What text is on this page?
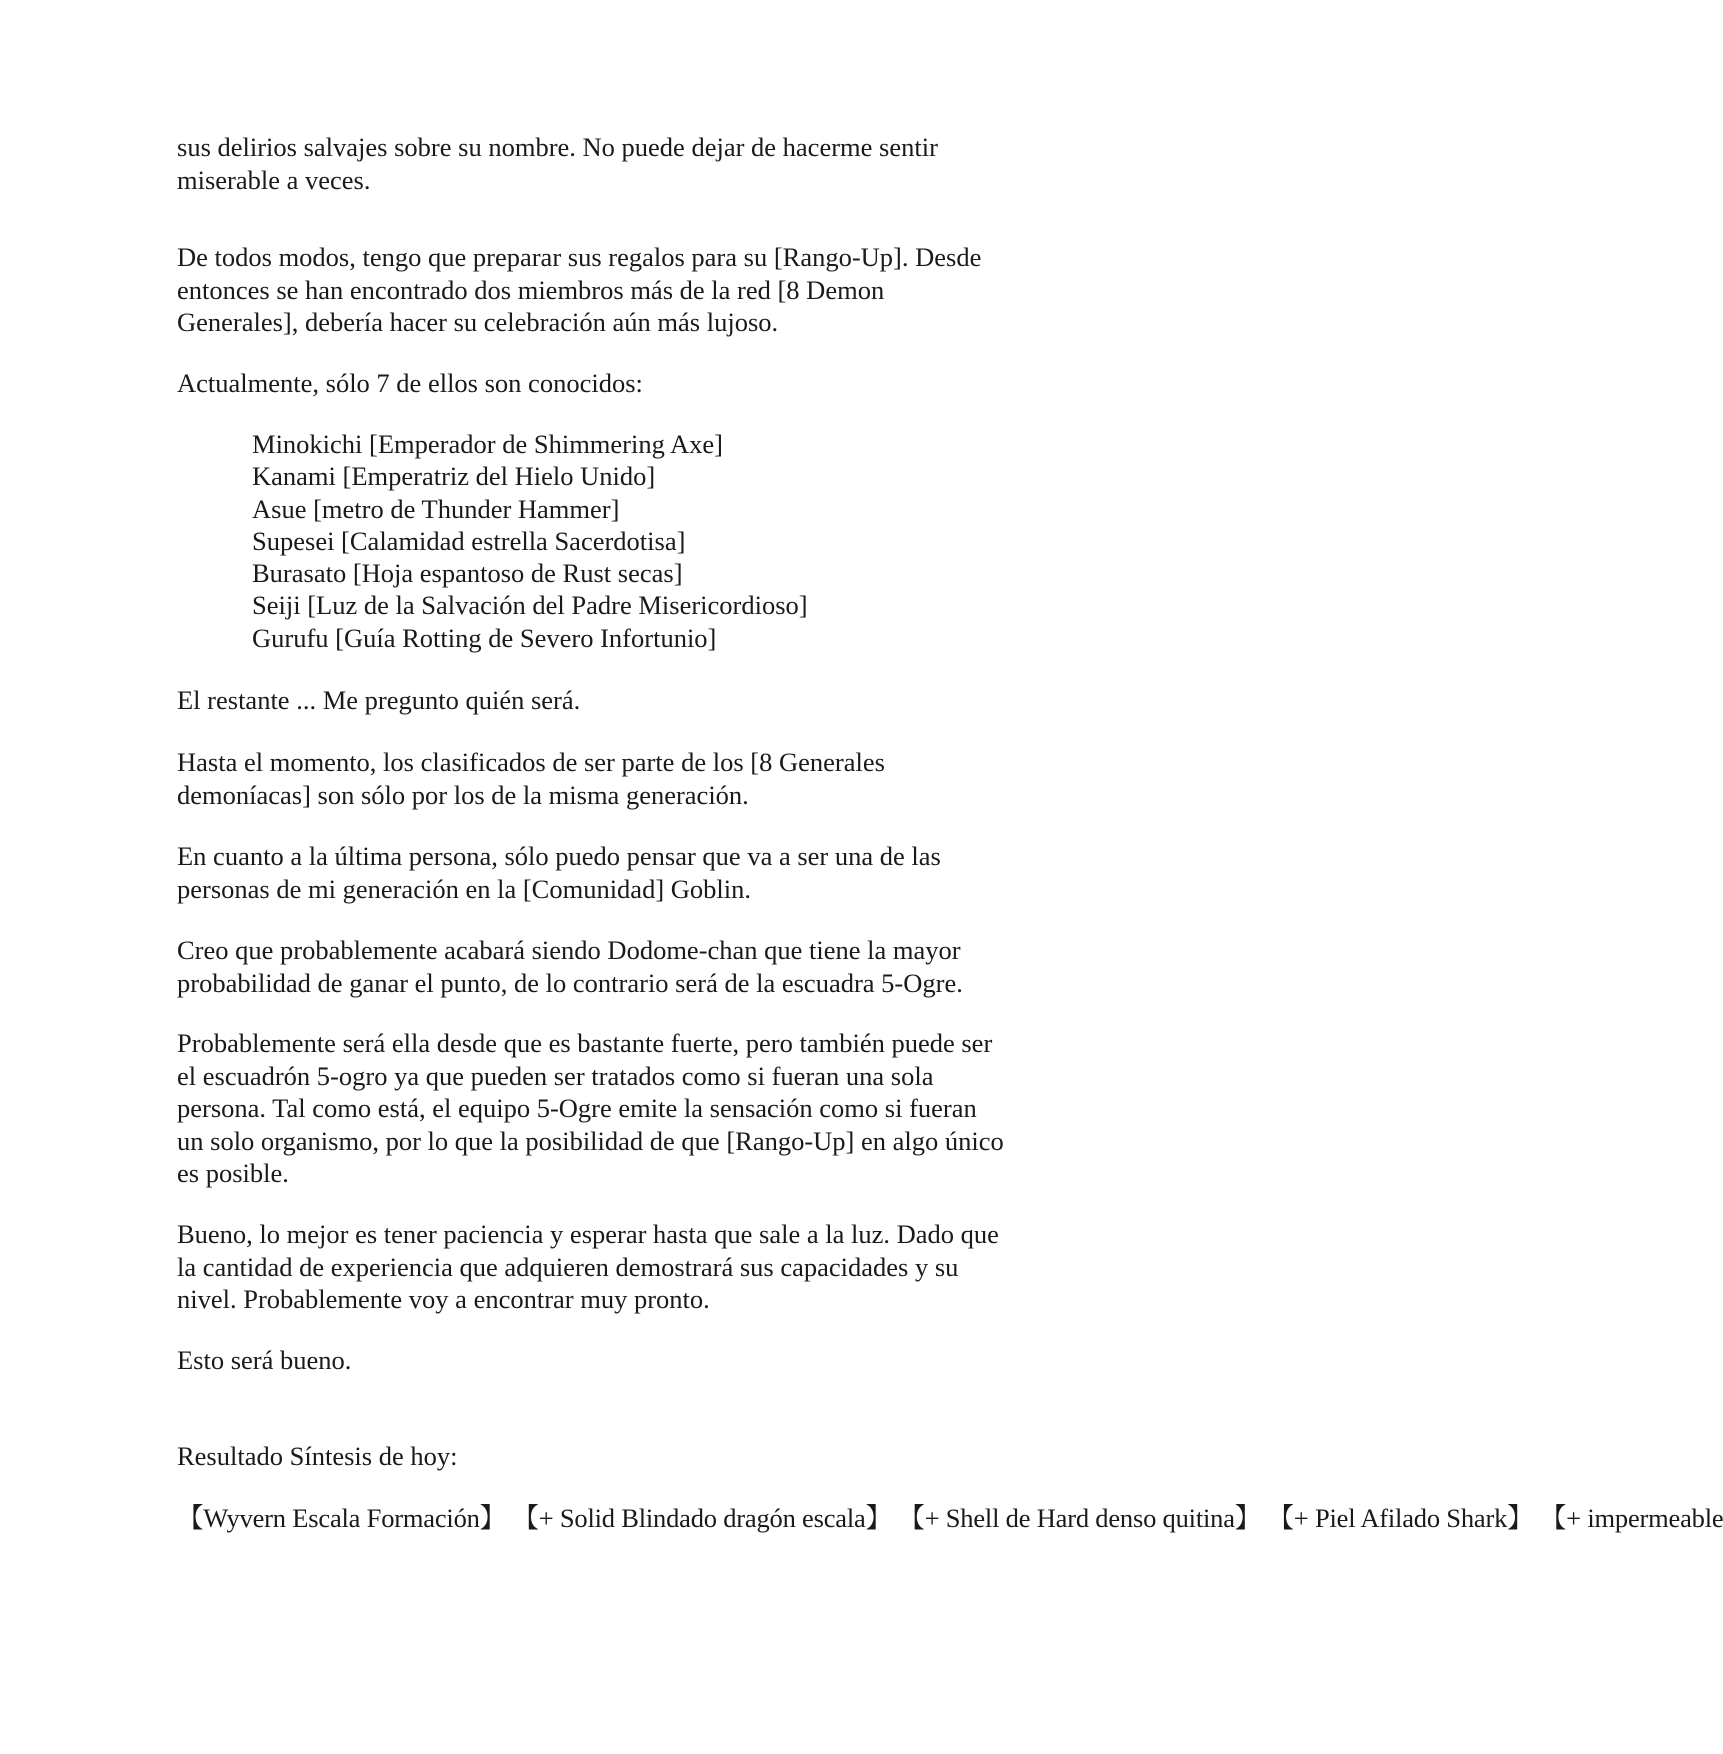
sus delirios salvajes sobre su nombre. No puede dejar de hacerme sentir
miserable a veces.

De todos modos, tengo que preparar sus regalos para su [Rango-Up]. Desde
entonces se han encontrado dos miembros más de la red [8 Demon
Generales], debería hacer su celebración aún más lujoso.

Actualmente, sólo 7 de ellos son conocidos:

Minokichi [Emperador de Shimmering Axe]
Kanami [Emperatriz del Hielo Unido]
Asue [metro de Thunder Hammer]
Supesei [Calamidad estrella Sacerdotisa]
Burasato [Hoja espantoso de Rust secas]
Seiji [Luz de la Salvación del Padre Misericordioso]
Gurufu [Guía Rotting de Severo Infortunio]

El restante ... Me pregunto quién será.

Hasta el momento, los clasificados de ser parte de los [8 Generales
demoníacas] son sólo por los de la misma generación.

En cuanto a la última persona, sólo puedo pensar que va a ser una de las
personas de mi generación en la [Comunidad] Goblin.

Creo que probablemente acabará siendo Dodome-chan que tiene la mayor
probabilidad de ganar el punto, de lo contrario será de la escuadra 5-Ogre.

Probablemente será ella desde que es bastante fuerte, pero también puede ser
el escuadrón 5-ogro ya que pueden ser tratados como si fueran una sola
persona. Tal como está, el equipo 5-Ogre emite la sensación como si fueran
un solo organismo, por lo que la posibilidad de que [Rango-Up] en algo único
es posible.

Bueno, lo mejor es tener paciencia y esperar hasta que sale a la luz. Dado que
la cantidad de experiencia que adquieren demostrará sus capacidades y su
nivel. Probablemente voy a encontrar muy pronto.

Esto será bueno.

Resultado Síntesis de hoy:

【Wyvern Escala Formación】 【+ Solid Blindado dragón escala】 【+ Shell de Hard denso quitina】 【+ Piel Afilado Shark】 【+ impermeable
